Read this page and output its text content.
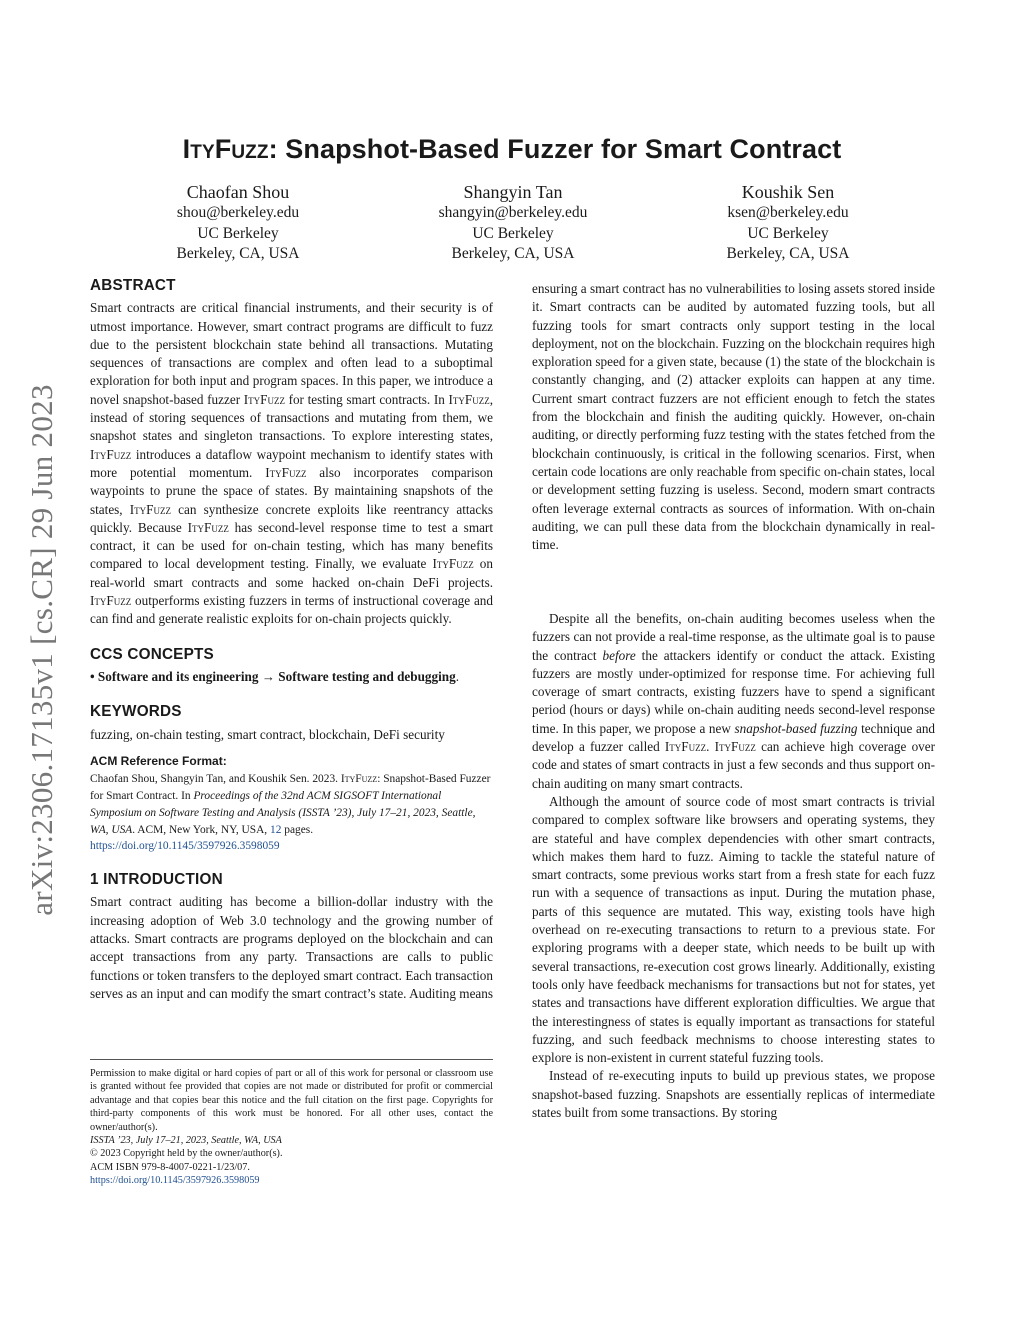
arXiv:2306.17135v1 [cs.CR] 29 Jun 2023
ItyFuzz: Snapshot-Based Fuzzer for Smart Contract
Chaofan Shou
shou@berkeley.edu
UC Berkeley
Berkeley, CA, USA
Shangyin Tan
shangyin@berkeley.edu
UC Berkeley
Berkeley, CA, USA
Koushik Sen
ksen@berkeley.edu
UC Berkeley
Berkeley, CA, USA
ABSTRACT

Smart contracts are critical financial instruments, and their security is of utmost importance. However, smart contract programs are difficult to fuzz due to the persistent blockchain state behind all transactions. Mutating sequences of transactions are complex and often lead to a suboptimal exploration for both input and program spaces. In this paper, we introduce a novel snapshot-based fuzzer ItyFuzz for testing smart contracts. In ItyFuzz, instead of storing sequences of transactions and mutating from them, we snapshot states and singleton transactions. To explore interesting states, ItyFuzz introduces a dataflow waypoint mechanism to identify states with more potential momentum. ItyFuzz also incorporates comparison waypoints to prune the space of states. By maintaining snapshots of the states, ItyFuzz can synthesize concrete exploits like reentrancy attacks quickly. Because ItyFuzz has second-level response time to test a smart contract, it can be used for on-chain testing, which has many benefits compared to local development testing. Finally, we evaluate ItyFuzz on real-world smart contracts and some hacked on-chain DeFi projects. ItyFuzz outperforms existing fuzzers in terms of instructional coverage and can find and generate realistic exploits for on-chain projects quickly.

CCS CONCEPTS

• Software and its engineering → Software testing and debugging.

KEYWORDS

fuzzing, on-chain testing, smart contract, blockchain, DeFi security

ACM Reference Format:

Chaofan Shou, Shangyin Tan, and Koushik Sen. 2023. ItyFuzz: Snapshot-Based Fuzzer for Smart Contract. In Proceedings of the 32nd ACM SIGSOFT International Symposium on Software Testing and Analysis (ISSTA ’23), July 17–21, 2023, Seattle, WA, USA. ACM, New York, NY, USA, 12 pages. https://doi.org/10.1145/3597926.3598059

1 INTRODUCTION

Smart contract auditing has become a billion-dollar industry with the increasing adoption of Web 3.0 technology and the growing number of attacks. Smart contracts are programs deployed on the blockchain and can accept transactions from any party. Transactions are calls to public functions or token transfers to the deployed smart contract. Each transaction serves as an input and can modify the smart contract’s state. Auditing means

Permission to make digital or hard copies of part or all of this work for personal or classroom use is granted without fee provided that copies are not made or distributed for profit or commercial advantage and that copies bear this notice and the full citation on the first page. Copyrights for third-party components of this work must be honored. For all other uses, contact the owner/author(s).

ISSTA ’23, July 17–21, 2023, Seattle, WA, USA

© 2023 Copyright held by the owner/author(s).

ACM ISBN 979-8-4007-0221-1/23/07.

https://doi.org/10.1145/3597926.3598059

ensuring a smart contract has no vulnerabilities to losing assets stored inside it. Smart contracts can be audited by automated fuzzing tools, but all fuzzing tools for smart contracts only support testing in the local deployment, not on the blockchain. Fuzzing on the blockchain requires high exploration speed for a given state, because (1) the state of the blockchain is constantly changing, and (2) attacker exploits can happen at any time. Current smart contract fuzzers are not efficient enough to fetch the states from the blockchain and finish the auditing quickly. However, on-chain auditing, or directly performing fuzz testing with the states fetched from the blockchain continuously, is critical in the following scenarios. First, when certain code locations are only reachable from specific on-chain states, local or development setting fuzzing is useless. Second, modern smart contracts often leverage external contracts as sources of information. With on-chain auditing, we can pull these data from the blockchain dynamically in real-time.

Despite all the benefits, on-chain auditing becomes useless when the fuzzers can not provide a real-time response, as the ultimate goal is to pause the contract before the attackers identify or conduct the attack. Existing fuzzers are mostly under-optimized for response time. For achieving full coverage of smart contracts, existing fuzzers have to spend a significant period (hours or days) while on-chain auditing needs second-level response time. In this paper, we propose a new snapshot-based fuzzing technique and develop a fuzzer called ItyFuzz. ItyFuzz can achieve high coverage over code and states of smart contracts in just a few seconds and thus support on-chain auditing on many smart contracts.

Although the amount of source code of most smart contracts is trivial compared to complex software like browsers and operating systems, they are stateful and have complex dependencies with other smart contracts, which makes them hard to fuzz. Aiming to tackle the stateful nature of smart contracts, some previous works start from a fresh state for each fuzz run with a sequence of transactions as input. During the mutation phase, parts of this sequence are mutated. This way, existing tools have high overhead on re-executing transactions to return to a previous state. For exploring programs with a deeper state, which needs to be built up with several transactions, re-execution cost grows linearly. Additionally, existing tools only have feedback mechanisms for transactions but not for states, yet states and transactions have different exploration difficulties. We argue that the interestingness of states is equally important as transactions for stateful fuzzing, and such feedback mechnisms to choose interesting states to explore is non-existent in current stateful fuzzing tools.

Instead of re-executing inputs to build up previous states, we propose snapshot-based fuzzing. Snapshots are essentially replicas of intermediate states built from some transactions. By storing
